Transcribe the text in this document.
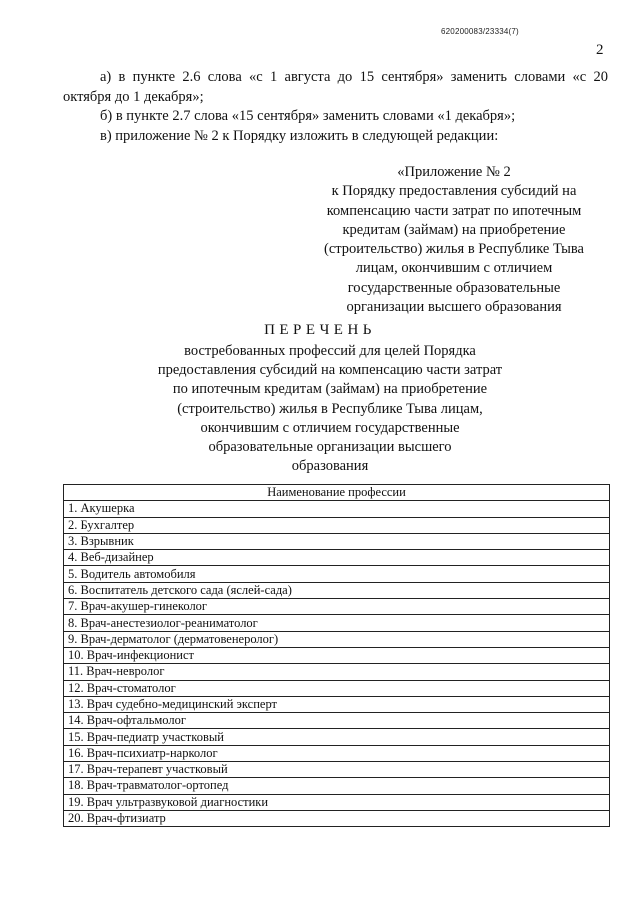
620200083/23334(7)
2

а) в пункте 2.6 слова «с 1 августа до 15 сентября» заменить словами «с 20 октября до 1 декабря»;

б) в пункте 2.7 слова «15 сентября» заменить словами «1 декабря»;

в) приложение № 2 к Порядку изложить в следующей редакции:

«Приложение № 2
к Порядку предоставления субсидий на
компенсацию части затрат по ипотечным
кредитам (займам) на приобретение
(строительство) жилья в Республике Тыва
лицам, окончившим с отличием
государственные образовательные
организации высшего образования
ПЕРЕЧЕНЬ
востребованных профессий для целей Порядка
предоставления субсидий на компенсацию части затрат
по ипотечным кредитам (займам) на приобретение
(строительство) жилья в Республике Тыва лицам,
окончившим с отличием государственные
образовательные организации высшего
образования
Наименование профессии
1. Акушерка
2. Бухгалтер
3. Взрывник
4. Веб-дизайнер
5. Водитель автомобиля
6. Воспитатель детского сада (яслей-сада)
7. Врач-акушер-гинеколог
8. Врач-анестезиолог-реаниматолог
9. Врач-дерматолог (дерматовенеролог)
10. Врач-инфекционист
11. Врач-невролог
12. Врач-стоматолог
13. Врач судебно-медицинский эксперт
14. Врач-офтальмолог
15. Врач-педиатр участковый
16. Врач-психиатр-нарколог
17. Врач-терапевт участковый
18. Врач-травматолог-ортопед
19. Врач ультразвуковой диагностики
20. Врач-фтизиатр
